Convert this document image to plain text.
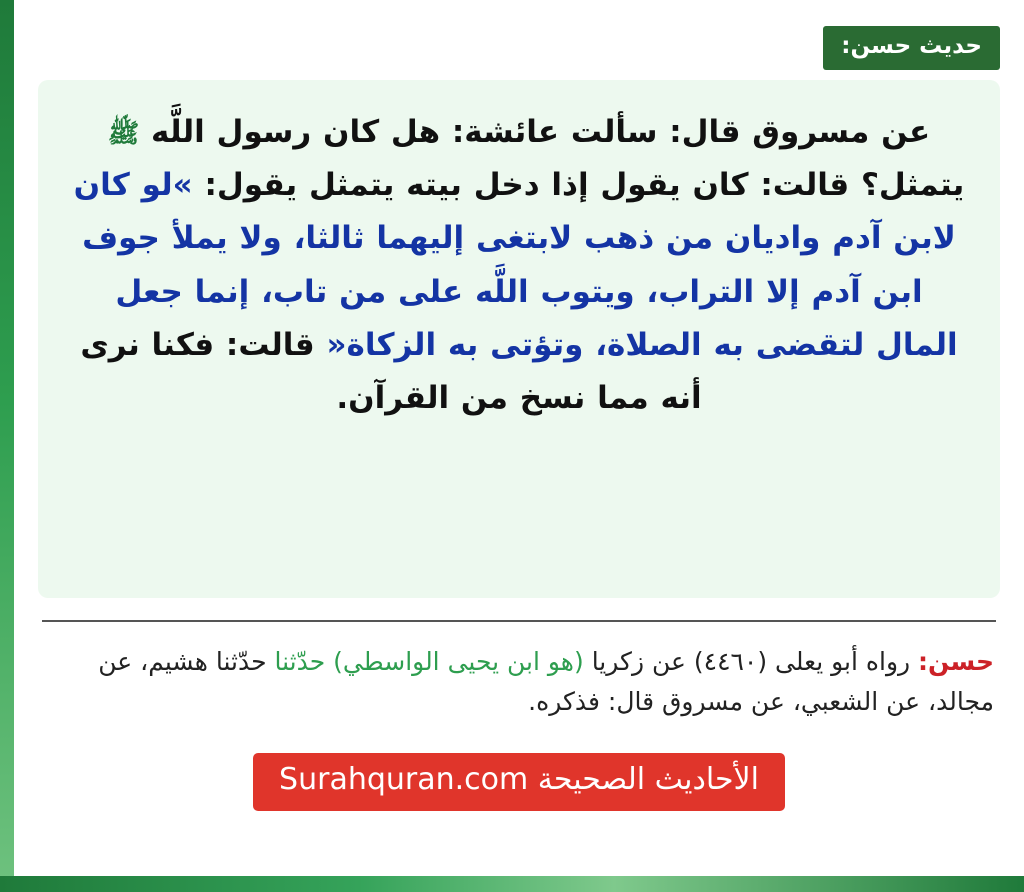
حديث حسن:
عن مسروق قال: سألت عائشة: هل كان رسول اللَّه ﷺ يتمثل؟ قالت: كان يقول إذا دخل بيته يتمثل يقول: »لو كان لابن آدم واديان من ذهب لابتغى إليهما ثالثا، ولا يملأ جوف ابن آدم إلا التراب، ويتوب اللَّه على من تاب، إنما جعل المال لتقضى به الصلاة، وتؤتى به الزكاة« قالت: فكنا نرى أنه مما نسخ من القرآن.
حسن: رواه أبو يعلى (٤٤٦٠) عن زكريا (هو ابن يحيى الواسطي) حدّثنا حدّثنا هشيم، عن مجالد، عن الشعبي، عن مسروق قال: فذكره.
الأحاديث الصحيحة Surahquran.com
